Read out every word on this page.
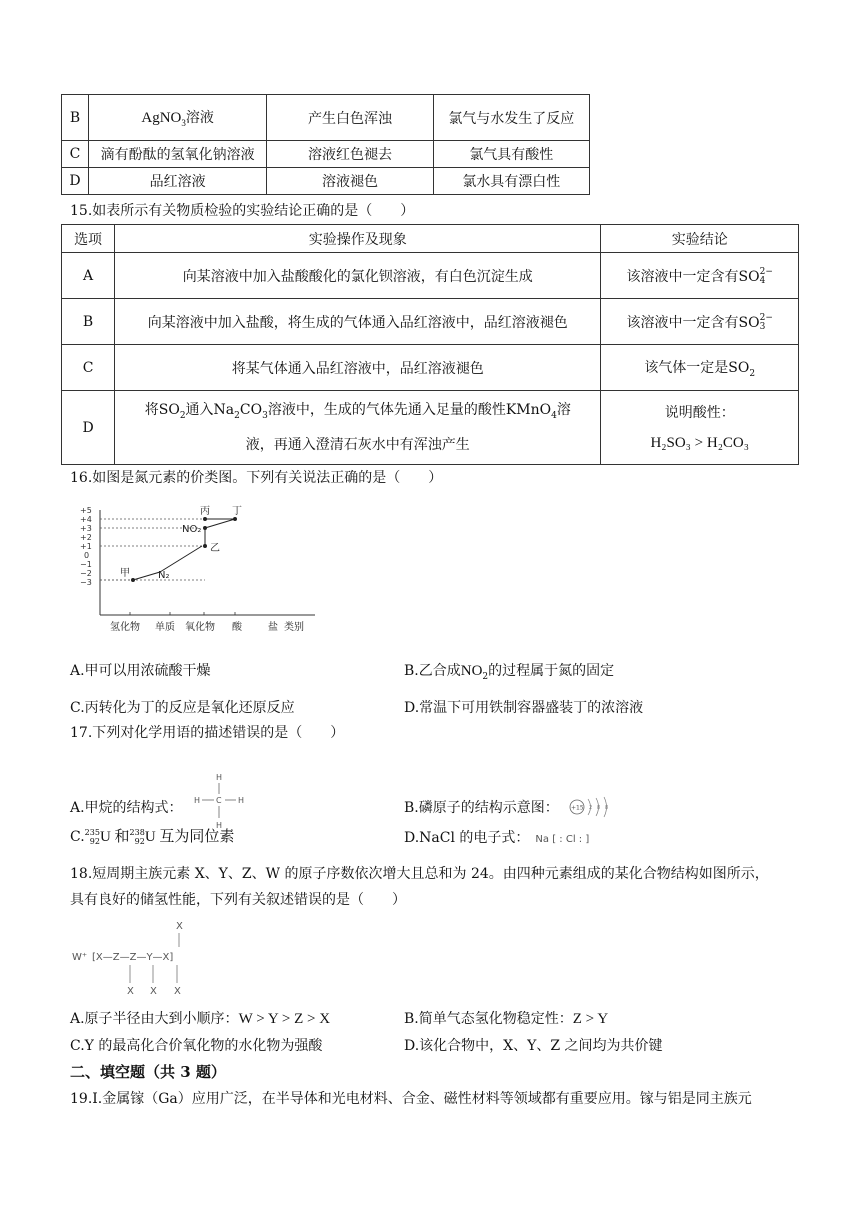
B	AgNO$_3$溶液	产生白色浑浊	氯气与水发生了反应
C	滴有酚酞的氢氧化钠溶液	溶液红色褪去	氯气具有酸性
D	品红溶液	溶液褪色	氯水具有漂白性
15.如表所示有关物质检验的实验结论正确的是（　　）
选项	实验操作及现象	实验结论
A	向某溶液中加入盐酸酸化的氯化钡溶液，有白色沉淀生成	该溶液中一定含有SO2−
4
B	向某溶液中加入盐酸，将生成的气体通入品红溶液中，品红溶液褪色	该溶液中一定含有SO2−
3
C	将某气体通入品红溶液中，品红溶液褪色	该气体一定是$SO_2$
D	将$SO_2$通入$Na_2CO_3$溶液中，生成的气体先通入足量的酸性KMnO$_4$溶
液，再通入澄清石灰水中有浑浊产生	说明酸性：
H₂SO₃ > H₂CO₃
16.如图是氮元素的价类图。下列有关说法正确的是（　　）
+5
+4
+3
+2
+1
0
−1
−2
−3
丙 丁
NO₂
乙
甲	N₂
氢化物 单质 氧化物 酸	盐 类别
A.甲可以用浓硫酸干燥	B.乙合成$NO_2$的过程属于氮的固定
C.丙转化为丁的反应是氧化还原反应	D.常温下可用铁制容器盛装丁的浓溶液
17.下列对化学用语的描述错误的是（　　）
A.甲烷的结构式：
H
H C H
H
B.磷原子的结构示意图： +15 2 8 8
C.235
92U 和238
92U 互为同位素	D.NaCl 的电子式： Na [ : Cl : ]
18.短周期主族元素 X、Y、Z、W 的原子序数依次增大且总和为 24。由四种元素组成的某化合物结构如图所示，
具有良好的储氢性能，下列有关叙述错误的是（　　）
X
W⁺ [X—Z—Z—Y—X]
X X X
A.原子半径由大到小顺序：W > Y > Z > X	B.简单气态氢化物稳定性：Z > Y
C.Y 的最高化合价氧化物的水化物为强酸	D.该化合物中，X、Y、Z 之间均为共价键
二、填空题（共 3 题）
19.I.金属镓（Ga）应用广泛，在半导体和光电材料、合金、磁性材料等领域都有重要应用。镓与铝是同主族元
